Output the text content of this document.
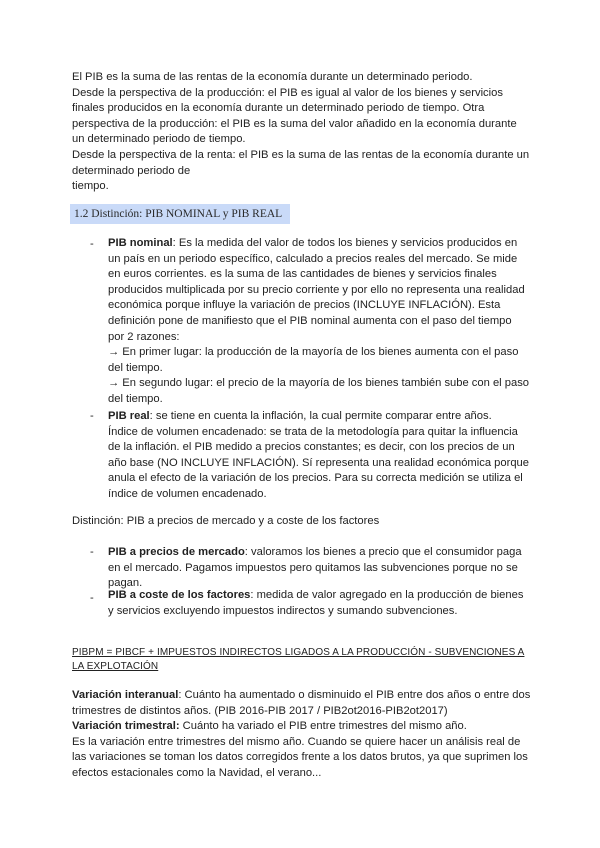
El PIB es la suma de las rentas de la economía durante un determinado periodo.
Desde la perspectiva de la producción: el PIB es igual al valor de los bienes y servicios
finales producidos en la economía durante un determinado periodo de tiempo. Otra
perspectiva de la producción: el PIB es la suma del valor añadido en la economía durante
un determinado periodo de tiempo.
Desde la perspectiva de la renta: el PIB es la suma de las rentas de la economía durante un
determinado periodo de
tiempo.
1.2 Distinción: PIB NOMINAL y PIB REAL
- PIB nominal: Es la medida del valor de todos los bienes y servicios producidos en
un país en un periodo específico, calculado a precios reales del mercado. Se mide
en euros corrientes. es la suma de las cantidades de bienes y servicios finales
producidos multiplicada por su precio corriente y por ello no representa una realidad
económica porque influye la variación de precios (INCLUYE INFLACIÓN). Esta
definición pone de manifiesto que el PIB nominal aumenta con el paso del tiempo
por 2 razones:
→ En primer lugar: la producción de la mayoría de los bienes aumenta con el paso
del tiempo.
→ En segundo lugar: el precio de la mayoría de los bienes también sube con el paso
del tiempo.
- PIB real: se tiene en cuenta la inflación, la cual permite comparar entre años.
Índice de volumen encadenado: se trata de la metodología para quitar la influencia
de la inflación. el PIB medido a precios constantes; es decir, con los precios de un
año base (NO INCLUYE INFLACIÓN). Sí representa una realidad económica porque
anula el efecto de la variación de los precios. Para su correcta medición se utiliza el
índice de volumen encadenado.
Distinción: PIB a precios de mercado y a coste de los factores
- PIB a precios de mercado: valoramos los bienes a precio que el consumidor paga
en el mercado. Pagamos impuestos pero quitamos las subvenciones porque no se
pagan.
- PIB a coste de los factores: medida de valor agregado en la producción de bienes
y servicios excluyendo impuestos indirectos y sumando subvenciones.
PIBPM = PIBCF + IMPUESTOS INDIRECTOS LIGADOS A LA PRODUCCIÓN - SUBVENCIONES A
LA EXPLOTACIÓN
Variación interanual: Cuánto ha aumentado o disminuido el PIB entre dos años o entre dos
trimestres de distintos años. (PIB 2016-PIB 2017 / PIB2ot2016-PIB2ot2017)
Variación trimestral: Cuánto ha variado el PIB entre trimestres del mismo año.
Es la variación entre trimestres del mismo año. Cuando se quiere hacer un análisis real de
las variaciones se toman los datos corregidos frente a los datos brutos, ya que suprimen los
efectos estacionales como la Navidad, el verano...
